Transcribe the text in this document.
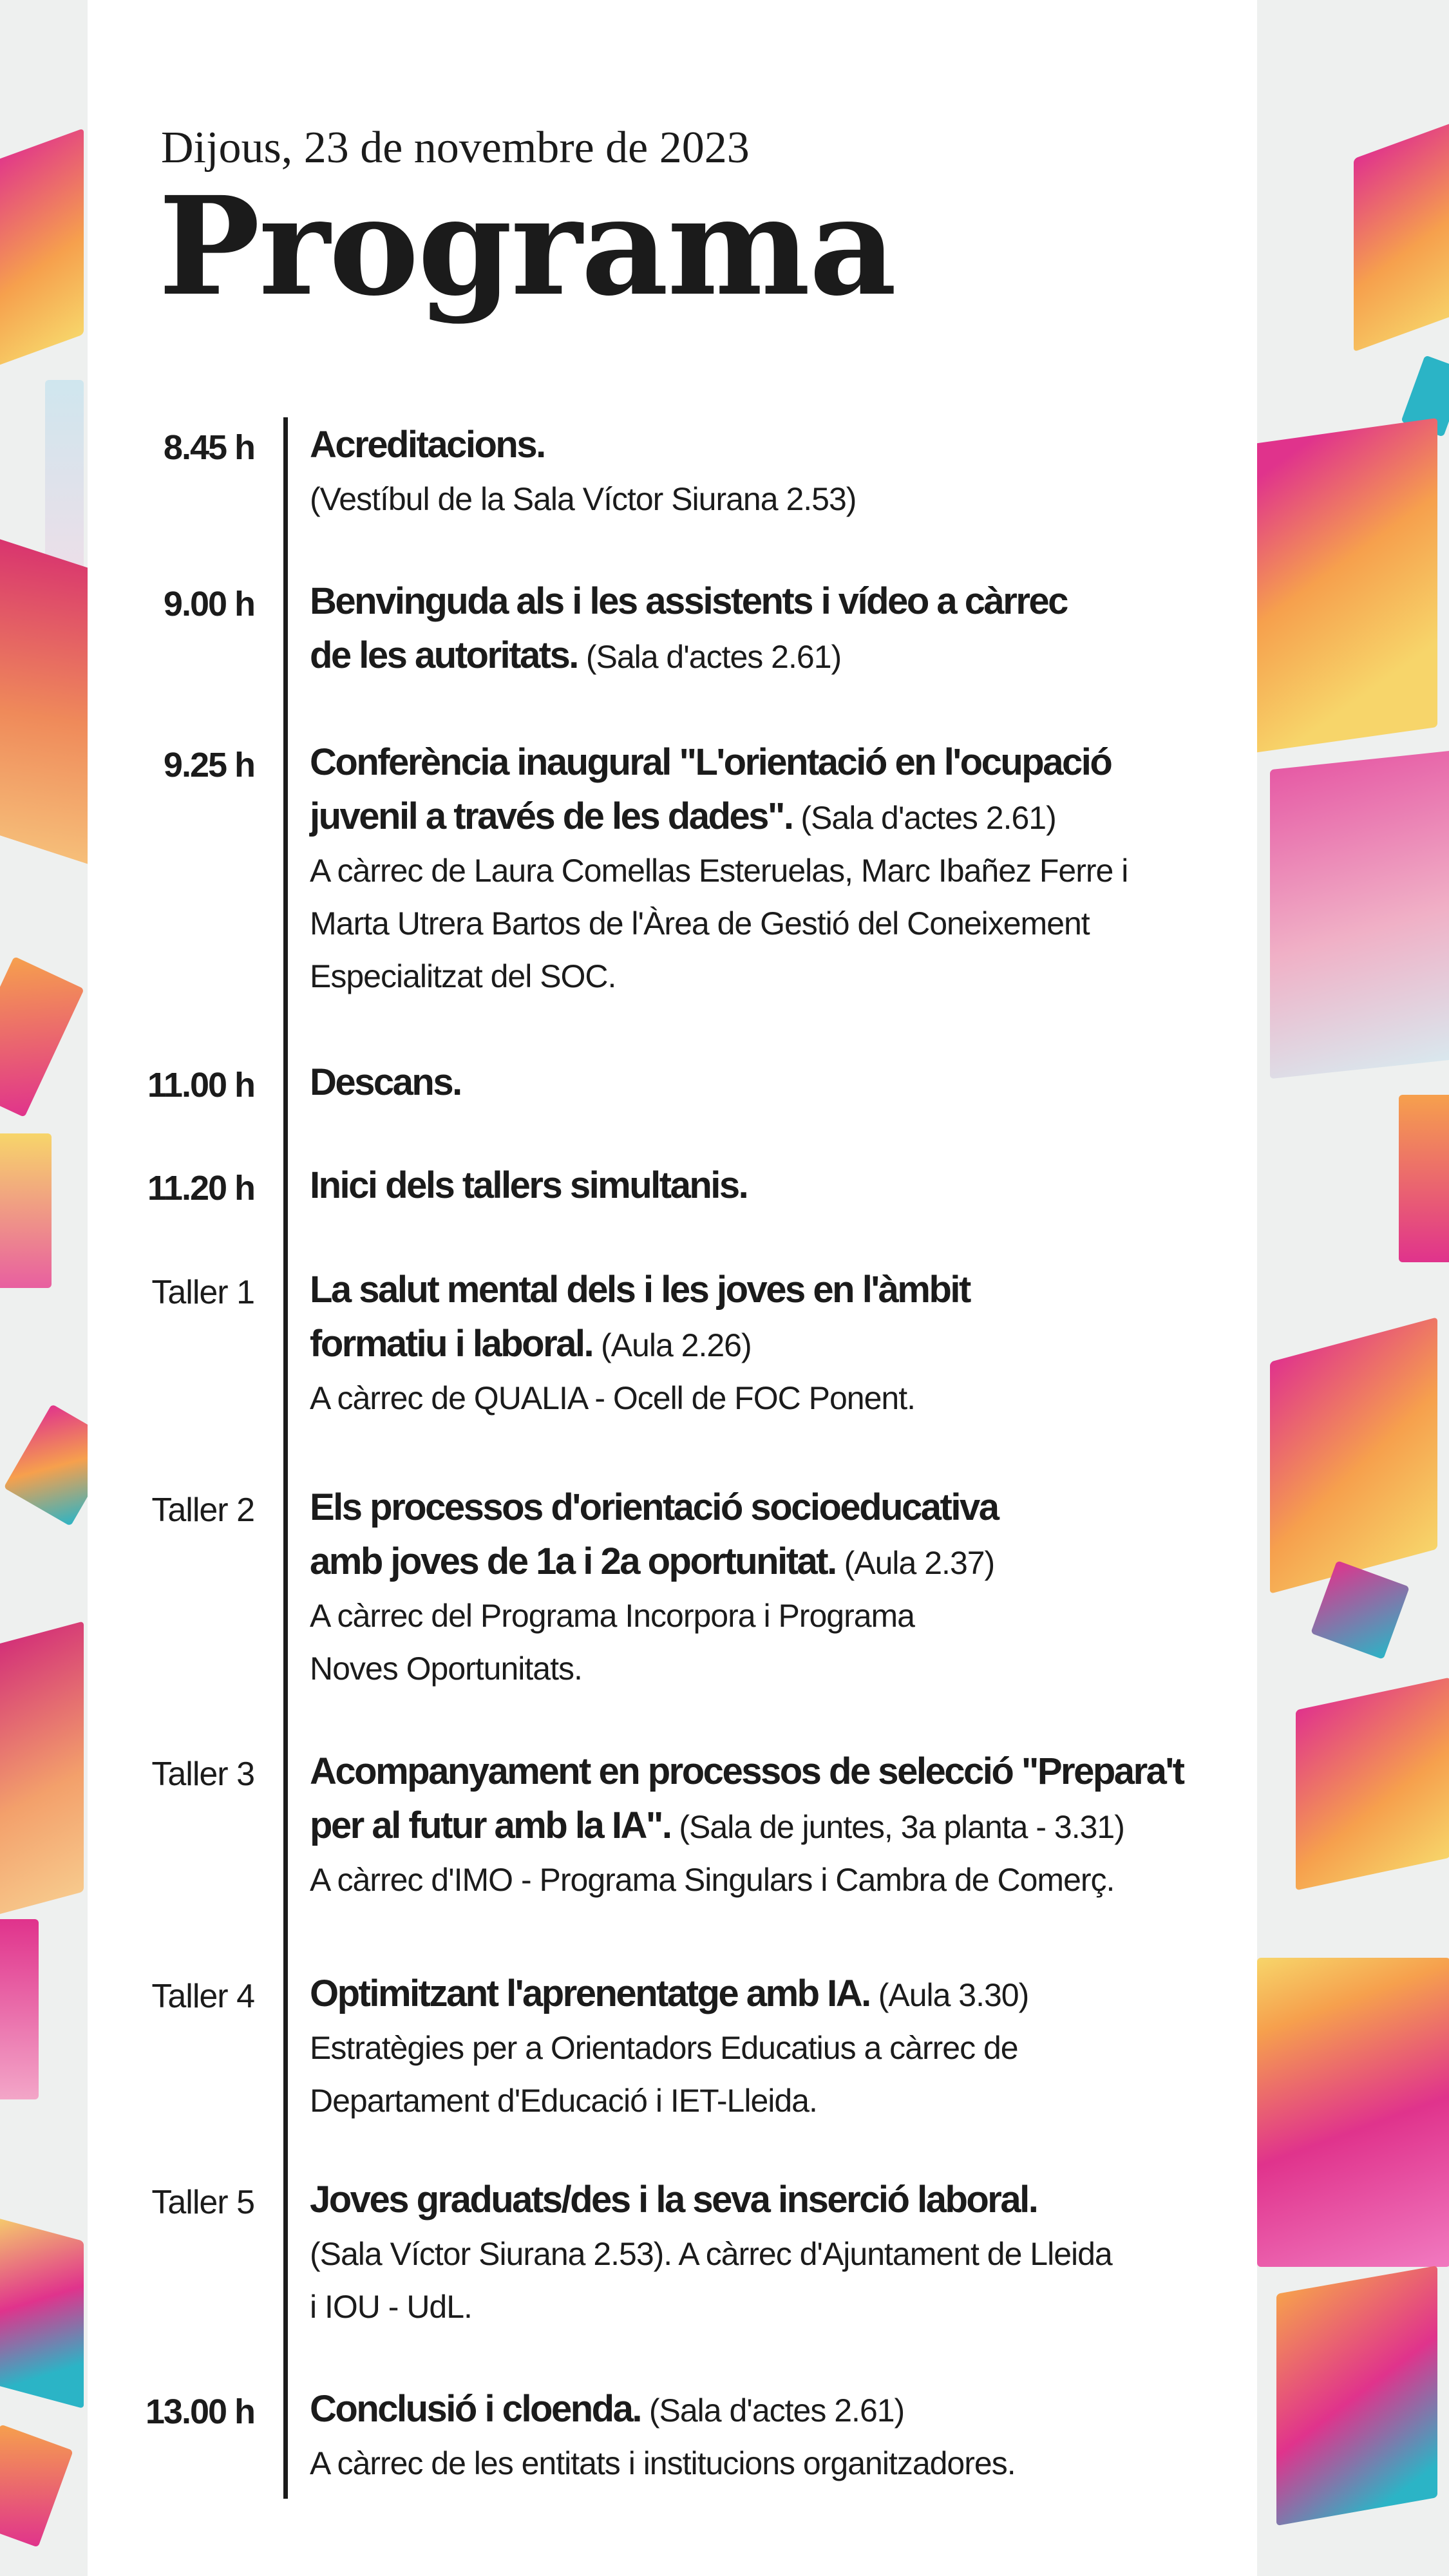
Dijous, 23 de novembre de 2023
Programa
8.45 h Acreditacions.
(Vestíbul de la Sala Víctor Siurana 2.53)
9.00 h Benvinguda als i les assistents i vídeo a càrrec
de les autoritats. (Sala d'actes 2.61)
9.25 h Conferència inaugural "L'orientació en l'ocupació
juvenil a través de les dades". (Sala d'actes 2.61)
A càrrec de Laura Comellas Esteruelas, Marc Ibañez Ferre i
Marta Utrera Bartos de l'Àrea de Gestió del Coneixement
Especialitzat del SOC.
11.00 h Descans.
11.20 h Inici dels tallers simultanis.
Taller 1 La salut mental dels i les joves en l'àmbit
formatiu i laboral. (Aula 2.26)
A càrrec de QUALIA - Ocell de FOC Ponent.
Taller 2 Els processos d'orientació socioeducativa
amb joves de 1a i 2a oportunitat. (Aula 2.37)
A càrrec del Programa Incorpora i Programa
Noves Oportunitats.
Taller 3 Acompanyament en processos de selecció "Prepara't
per al futur amb la IA". (Sala de juntes, 3a planta - 3.31)
A càrrec d'IMO - Programa Singulars i Cambra de Comerç.
Taller 4 Optimitzant l'aprenentatge amb IA. (Aula 3.30)
Estratègies per a Orientadors Educatius a càrrec de
Departament d'Educació i IET-Lleida.
Taller 5 Joves graduats/des i la seva inserció laboral.
(Sala Víctor Siurana 2.53). A càrrec d'Ajuntament de Lleida
i IOU - UdL.
13.00 h Conclusió i cloenda. (Sala d'actes 2.61)
A càrrec de les entitats i institucions organitzadores.
